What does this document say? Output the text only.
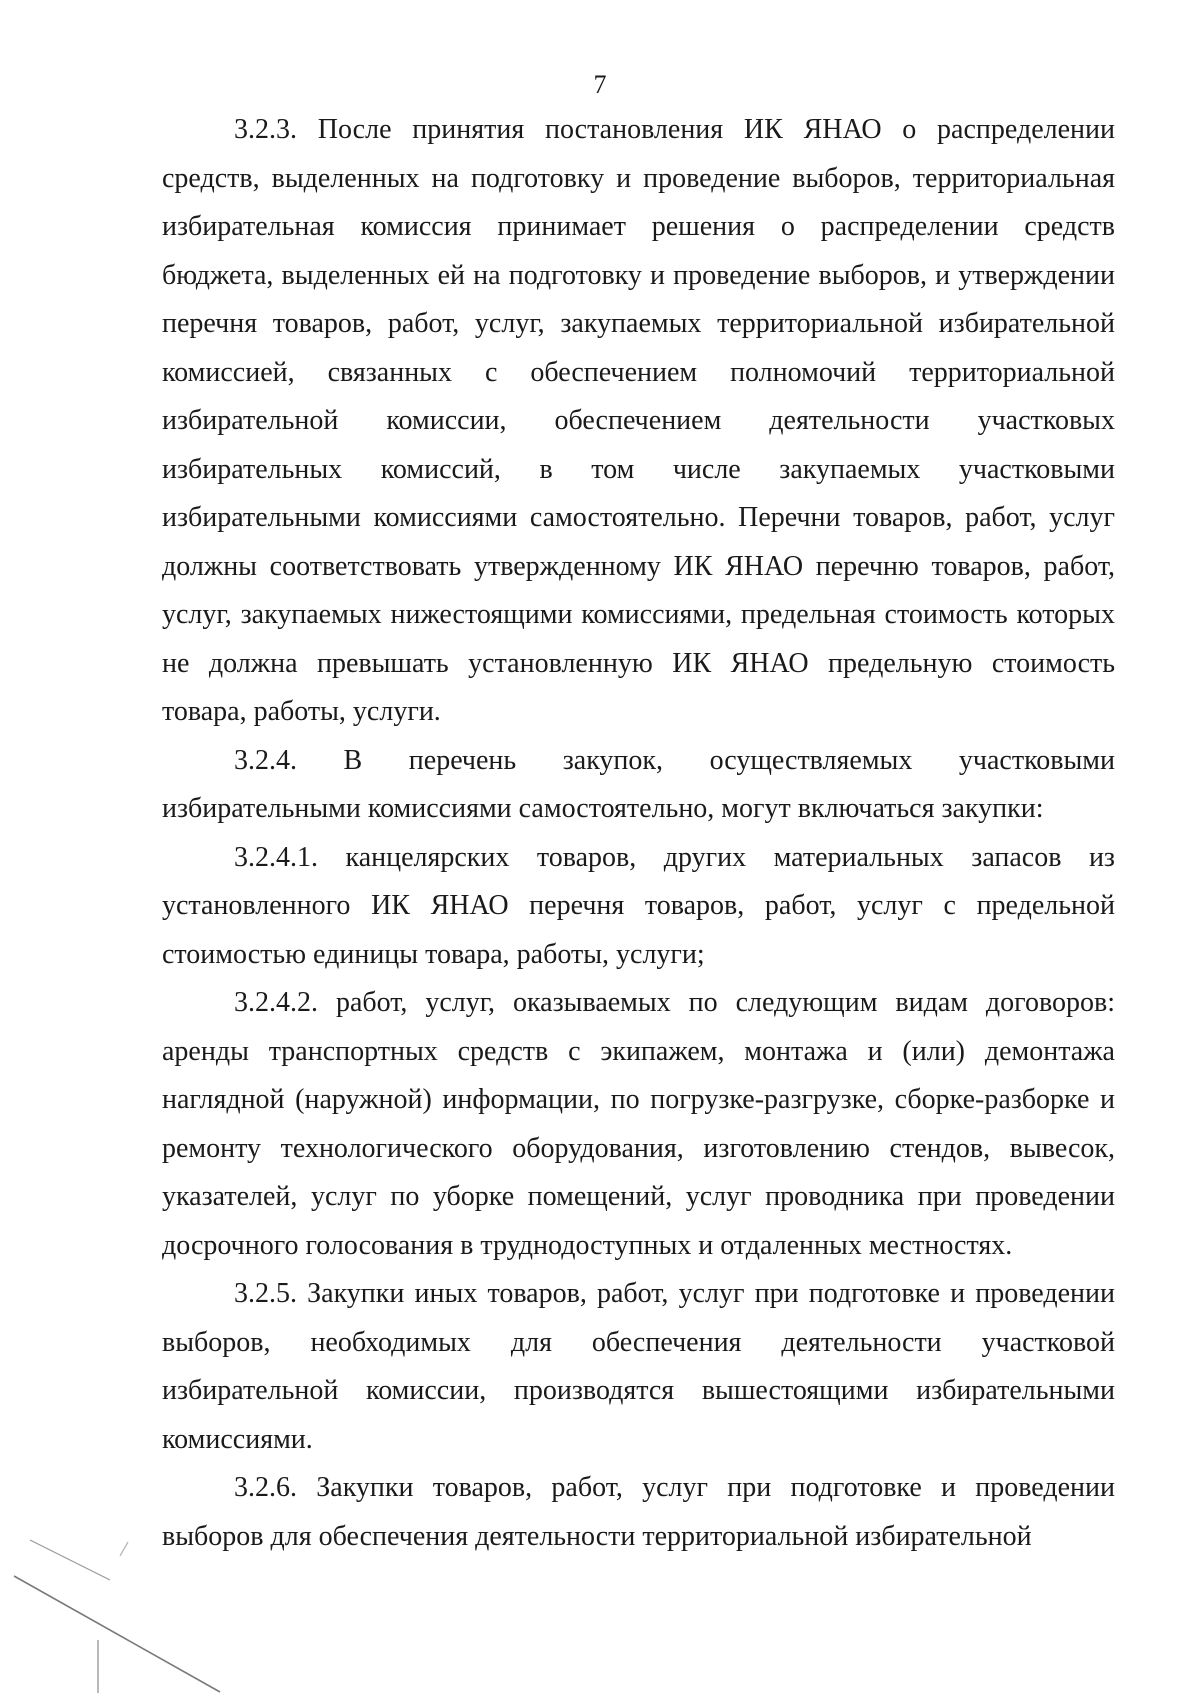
7

3.2.3. После принятия постановления ИК ЯНАО о распределении средств, выделенных на подготовку и проведение выборов, территориальная избирательная комиссия принимает решения о распределении средств бюджета, выделенных ей на подготовку и проведение выборов, и утверждении перечня товаров, работ, услуг, закупаемых территориальной избирательной комиссией, связанных с обеспечением полномочий территориальной избирательной комиссии, обеспечением деятельности участковых избирательных комиссий, в том числе закупаемых участковыми избирательными комиссиями самостоятельно. Перечни товаров, работ, услуг должны соответствовать утвержденному ИК ЯНАО перечню товаров, работ, услуг, закупаемых нижестоящими комиссиями, предельная стоимость которых не должна превышать установленную ИК ЯНАО предельную стоимость товара, работы, услуги.

3.2.4. В перечень закупок, осуществляемых участковыми избирательными комиссиями самостоятельно, могут включаться закупки:

3.2.4.1. канцелярских товаров, других материальных запасов из установленного ИК ЯНАО перечня товаров, работ, услуг с предельной стоимостью единицы товара, работы, услуги;

3.2.4.2. работ, услуг, оказываемых по следующим видам договоров: аренды транспортных средств с экипажем, монтажа и (или) демонтажа наглядной (наружной) информации, по погрузке-разгрузке, сборке-разборке и ремонту технологического оборудования, изготовлению стендов, вывесок, указателей, услуг по уборке помещений, услуг проводника при проведении досрочного голосования в труднодоступных и отдаленных местностях.

3.2.5. Закупки иных товаров, работ, услуг при подготовке и проведении выборов, необходимых для обеспечения деятельности участковой избирательной комиссии, производятся вышестоящими избирательными комиссиями.

3.2.6. Закупки товаров, работ, услуг при подготовке и проведении выборов для обеспечения деятельности территориальной избирательной
